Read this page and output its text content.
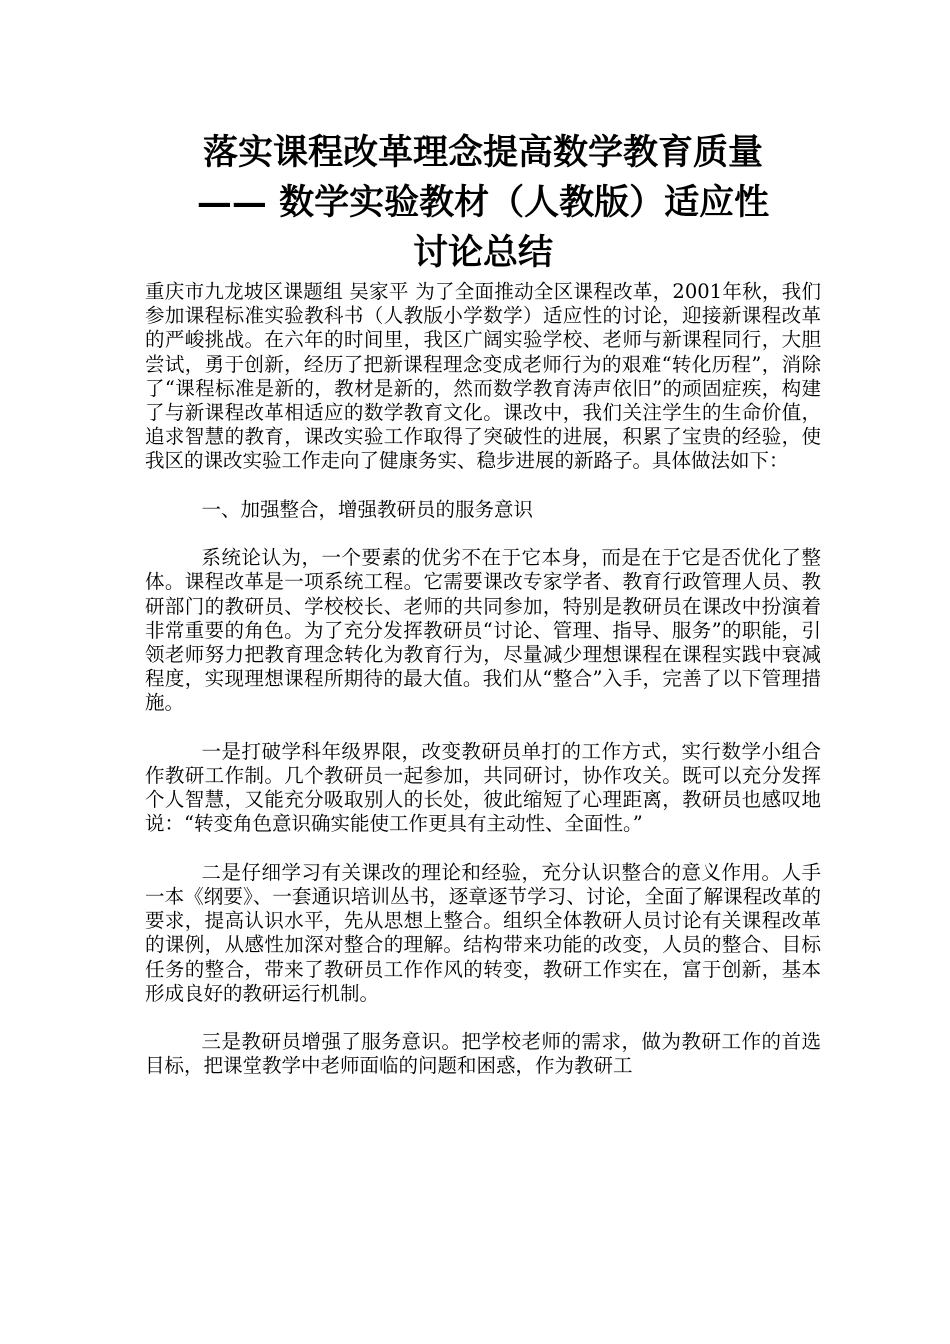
落实课程改革理念提高数学教育质量
—— 数学实验教材（人教版）适应性
讨论总结

重庆市九龙坡区课题组 吴家平 为了全面推动全区课程改革，2001年秋，我们参加课程标准实验教科书（人教版小学数学）适应性的讨论，迎接新课程改革的严峻挑战。在六年的时间里，我区广阔实验学校、老师与新课程同行，大胆尝试，勇于创新，经历了把新课程理念变成老师行为的艰难“转化历程”，消除了“课程标准是新的，教材是新的，然而数学教育涛声依旧”的顽固症疾，构建了与新课程改革相适应的数学教育文化。课改中，我们关注学生的生命价值，追求智慧的教育，课改实验工作取得了突破性的进展，积累了宝贵的经验，使我区的课改实验工作走向了健康务实、稳步进展的新路子。具体做法如下：

一、加强整合，增强教研员的服务意识

系统论认为，一个要素的优劣不在于它本身，而是在于它是否优化了整体。课程改革是一项系统工程。它需要课改专家学者、教育行政管理人员、教研部门的教研员、学校校长、老师的共同参加，特别是教研员在课改中扮演着非常重要的角色。为了充分发挥教研员“讨论、管理、指导、服务”的职能，引领老师努力把教育理念转化为教育行为，尽量减少理想课程在课程实践中衰减程度，实现理想课程所期待的最大值。我们从“整合”入手，完善了以下管理措施。

一是打破学科年级界限，改变教研员单打的工作方式，实行数学小组合作教研工作制。几个教研员一起参加，共同研讨，协作攻关。既可以充分发挥个人智慧，又能充分吸取别人的长处，彼此缩短了心理距离，教研员也感叹地说：“转变角色意识确实能使工作更具有主动性、全面性。”

二是仔细学习有关课改的理论和经验，充分认识整合的意义作用。人手一本《纲要》、一套通识培训丛书，逐章逐节学习、讨论，全面了解课程改革的要求，提高认识水平，先从思想上整合。组织全体教研人员讨论有关课程改革的课例，从感性加深对整合的理解。结构带来功能的改变，人员的整合、目标任务的整合，带来了教研员工作作风的转变，教研工作实在，富于创新，基本形成良好的教研运行机制。

三是教研员增强了服务意识。把学校老师的需求，做为教研工作的首选目标，把课堂教学中老师面临的问题和困惑，作为教研工
